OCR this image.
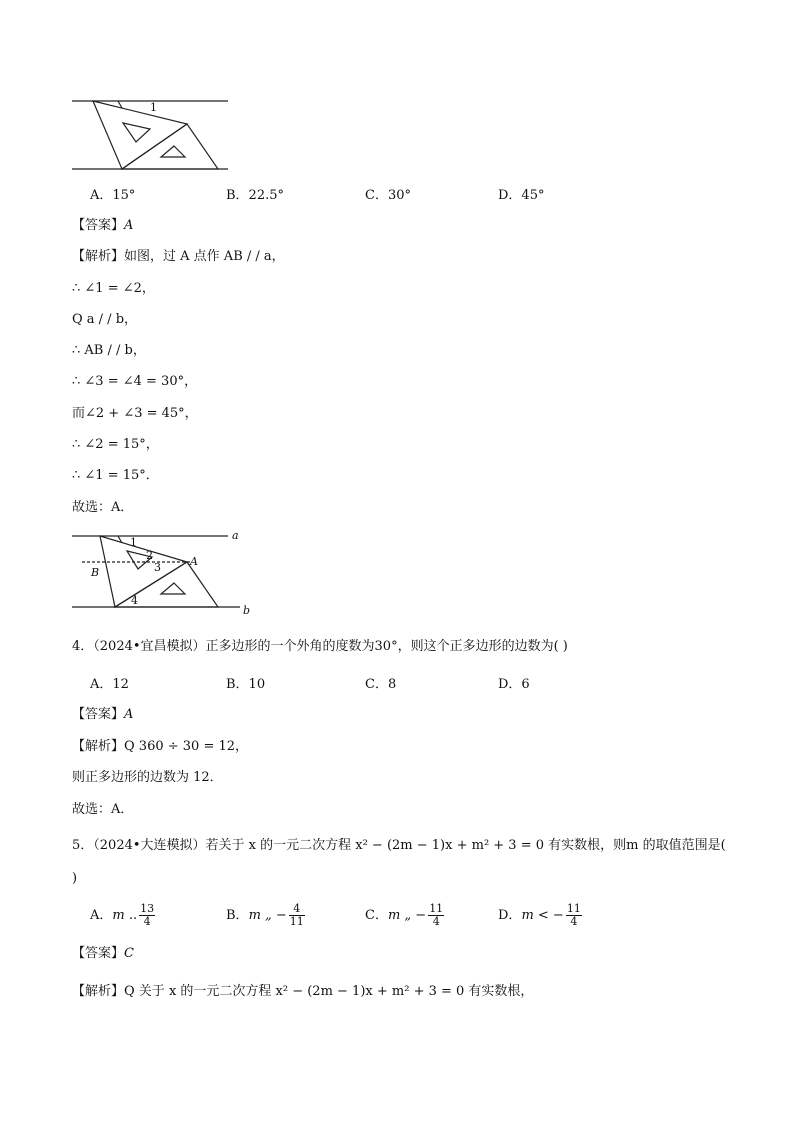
1
A．15°	B．22.5°	C．30°	D．45°
【答案】A
【解析】如图，过 A 点作 AB / / a，
∴ ∠1 = ∠2，
Q a / / b，
∴ AB / / b，
∴ ∠3 = ∠4 = 30°，
而∠2 + ∠3 = 45°，
∴ ∠2 = 15°，
∴ ∠1 = 15°．
故选：A．
a
b
A
B
1
2
3
4
4．（2024•宜昌模拟）正多边形的一个外角的度数为30°，则这个正多边形的边数为( )
A．12	B．10	C．8	D．6
【答案】A
【解析】Q 360 ÷ 30 = 12，
则正多边形的边数为 12．
故选：A．
5．（2024•大连模拟）若关于 x 的一元二次方程 x² − (2m − 1)x + m² + 3 = 0 有实数根，则m 的取值范围是(
)
A．m .. $\frac{13}{4}$	B．m „ − $\frac{4}{11}$	C．m „ − $\frac{11}{4}$	D．m < − $\frac{11}{4}$
【答案】C
【解析】Q 关于 x 的一元二次方程 x² − (2m − 1)x + m² + 3 = 0 有实数根，
